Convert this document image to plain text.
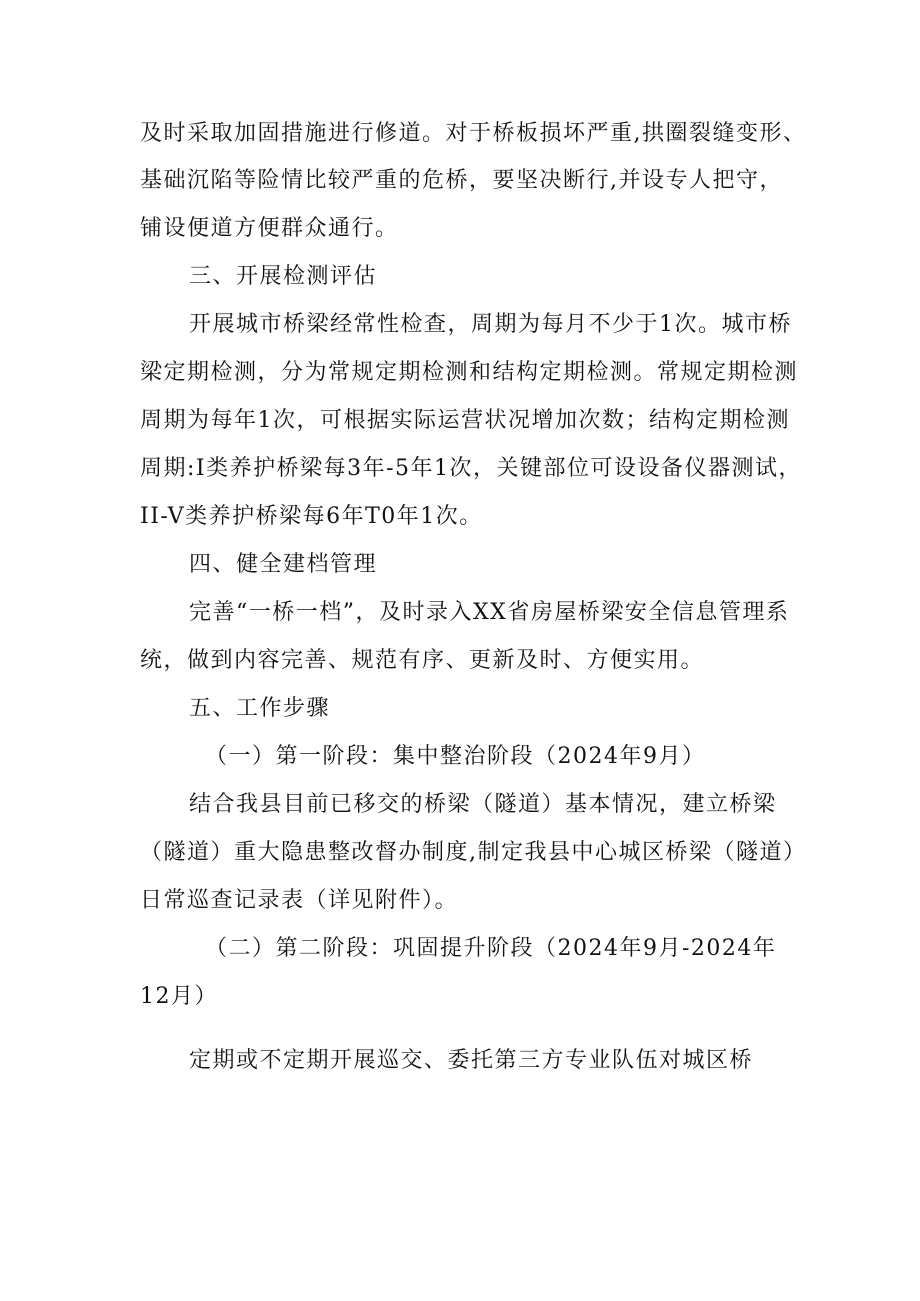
及时采取加固措施进行修道。对于桥板损坏严重,拱圈裂缝变形、
基础沉陷等险情比较严重的危桥，要坚决断行,并设专人把守，
铺设便道方便群众通行。
三、开展检测评估
开展城市桥梁经常性检查，周期为每月不少于1次。城市桥
梁定期检测，分为常规定期检测和结构定期检测。常规定期检测
周期为每年1次，可根据实际运营状况增加次数；结构定期检测
周期:Ⅰ类养护桥梁每3年-5年1次，关键部位可设设备仪器测试，
II-V类养护桥梁每6年T0年1次。
四、健全建档管理
完善“一桥一档”，及时录入XX省房屋桥梁安全信息管理系
统，做到内容完善、规范有序、更新及时、方便实用。
五、工作步骤
（一）第一阶段：集中整治阶段（2024年9月）
结合我县目前已移交的桥梁（隧道）基本情况，建立桥梁
（隧道）重大隐患整改督办制度,制定我县中心城区桥梁（隧道）
日常巡查记录表（详见附件）。
（二）第二阶段：巩固提升阶段（2024年9月-2024年
12月）
定期或不定期开展巡交、委托第三方专业队伍对城区桥
